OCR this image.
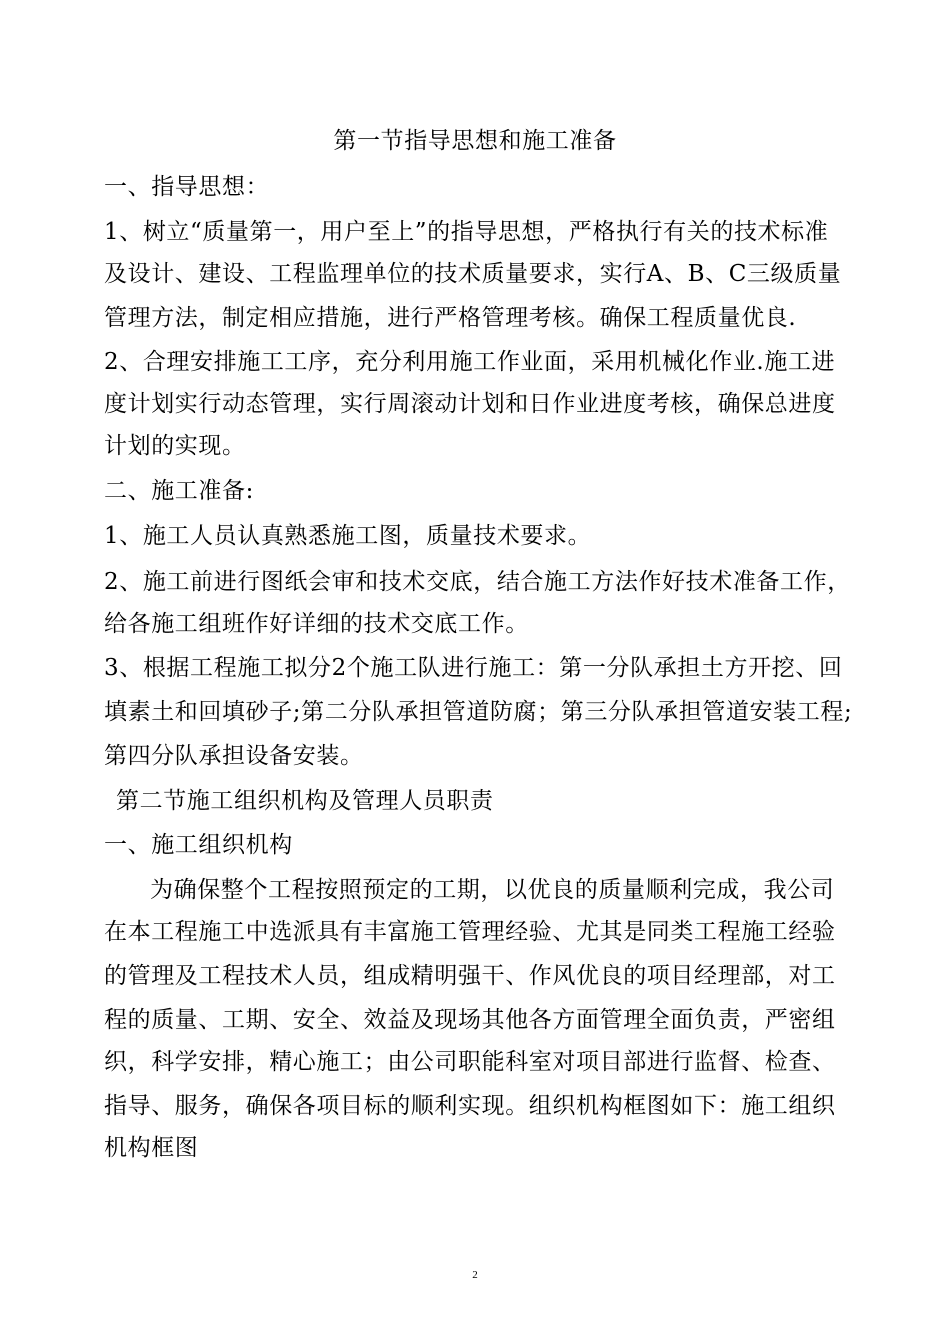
第一节指导思想和施工准备
一、指导思想：
1、树立“质量第一，用户至上”的指导思想，严格执行有关的技术标准
及设计、建设、工程监理单位的技术质量要求，实行A、B、C三级质量
管理方法，制定相应措施，进行严格管理考核。确保工程质量优良.
2、合理安排施工工序，充分利用施工作业面，采用机械化作业.施工进
度计划实行动态管理，实行周滚动计划和日作业进度考核，确保总进度
计划的实现。
二、施工准备:
1、施工人员认真熟悉施工图，质量技术要求。
2、施工前进行图纸会审和技术交底，结合施工方法作好技术准备工作，
给各施工组班作好详细的技术交底工作。
3、根据工程施工拟分2个施工队进行施工：第一分队承担土方开挖、回
填素土和回填砂子;第二分队承担管道防腐；第三分队承担管道安装工程;
第四分队承担设备安装。
第二节施工组织机构及管理人员职责
一、施工组织机构
为确保整个工程按照预定的工期，以优良的质量顺利完成，我公司
在本工程施工中选派具有丰富施工管理经验、尤其是同类工程施工经验
的管理及工程技术人员，组成精明强干、作风优良的项目经理部，对工
程的质量、工期、安全、效益及现场其他各方面管理全面负责，严密组
织，科学安排，精心施工；由公司职能科室对项目部进行监督、检查、
指导、服务，确保各项目标的顺利实现。组织机构框图如下：施工组织
机构框图
2
